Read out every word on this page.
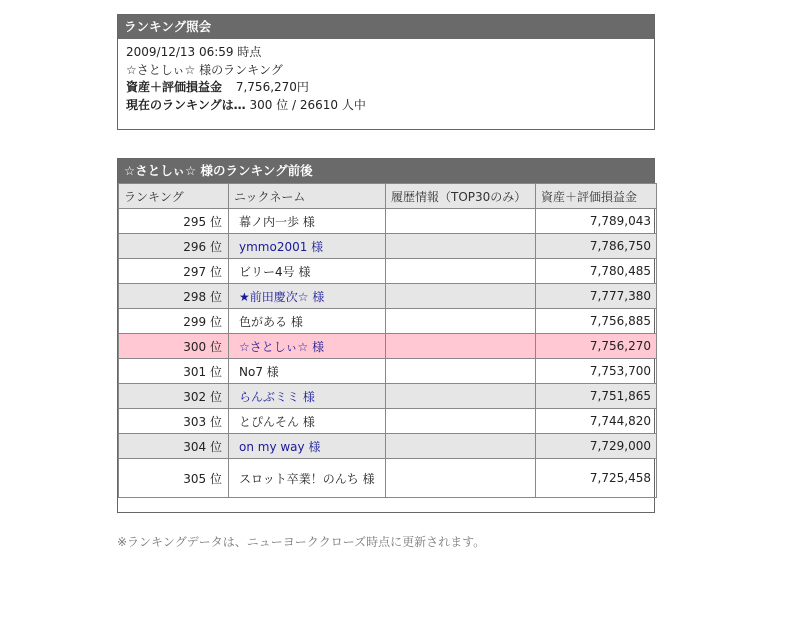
ランキング照会
2009/12/13 06:59 時点
☆さとしぃ☆ 様のランキング
資産＋評価損益金 7,756,270円
現在のランキングは… 300 位 / 26610 人中
☆さとしぃ☆ 様のランキング前後
ランキング	ニックネーム	履歴情報（TOP30のみ）	資産＋評価損益金
295 位	幕ノ内一歩 様		7,789,043
296 位	ymmo2001 様		7,786,750
297 位	ビリー4号 様		7,780,485
298 位	★前田慶次☆ 様		7,777,380
299 位	色がある 様		7,756,885
300 位	☆さとしぃ☆ 様		7,756,270
301 位	No7 様		7,753,700
302 位	らんぶミミ 様		7,751,865
303 位	とぴんそん 様		7,744,820
304 位	on my way 様		7,729,000
305 位	スロット卒業！のんち 様		7,725,458
※ランキングデータは、ニューヨーククローズ時点に更新されます。
